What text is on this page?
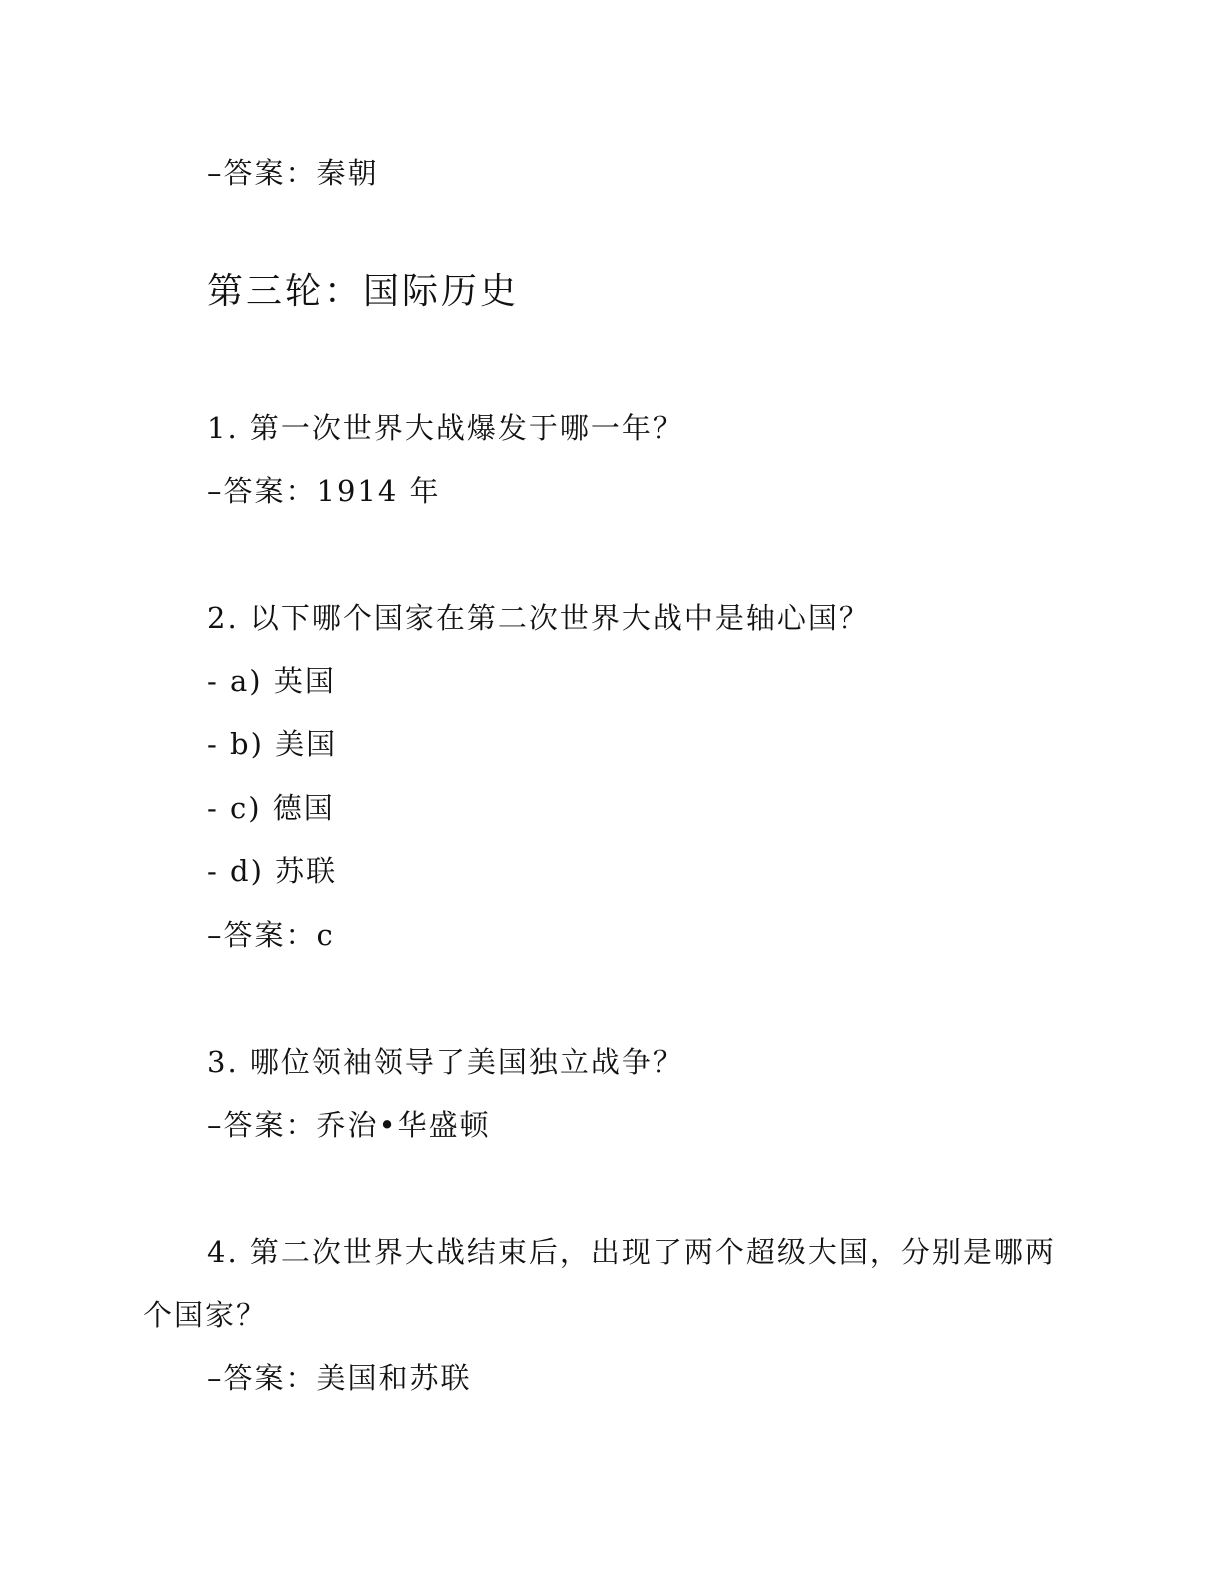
–答案：秦朝
第三轮：国际历史
1. 第一次世界大战爆发于哪一年？
–答案：1914 年
2. 以下哪个国家在第二次世界大战中是轴心国？
- a) 英国
- b) 美国
- c) 德国
- d) 苏联
–答案：c
3. 哪位领袖领导了美国独立战争？
–答案：乔治•华盛顿
4. 第二次世界大战结束后，出现了两个超级大国，分别是哪两
个国家？
–答案：美国和苏联
